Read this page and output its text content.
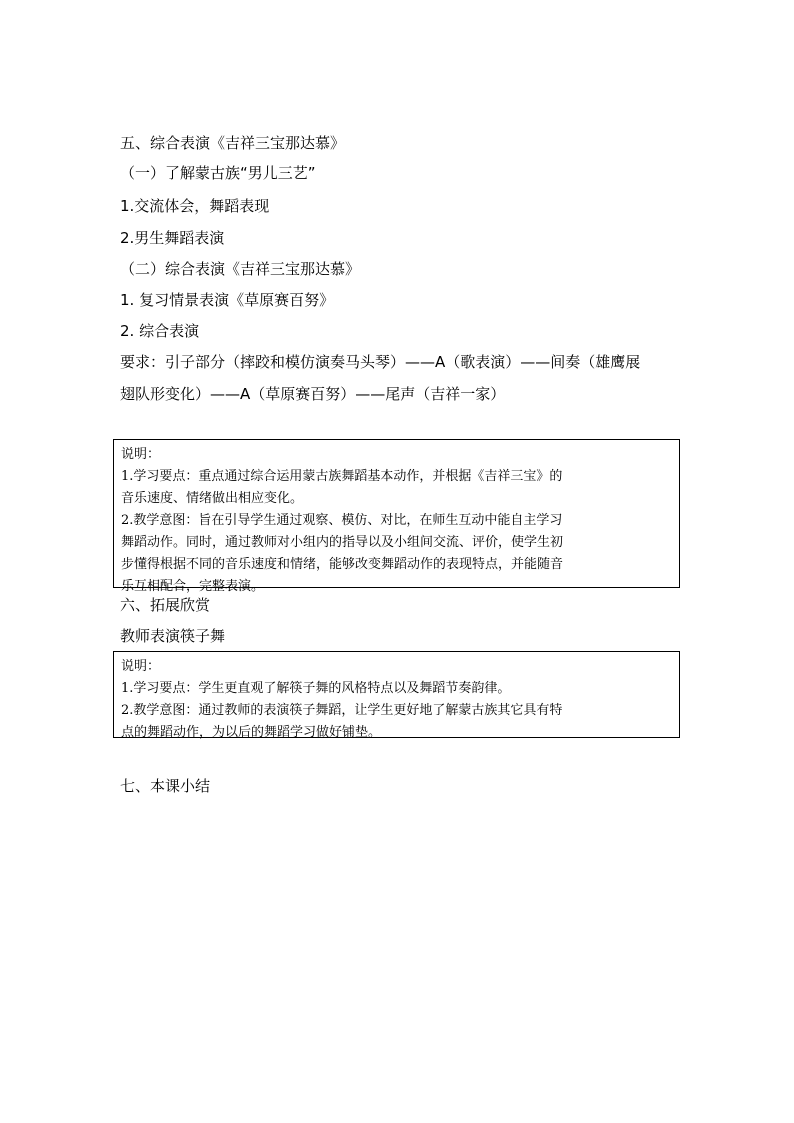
五、综合表演《吉祥三宝那达慕》
（一）了解蒙古族“男儿三艺”
1.交流体会，舞蹈表现
2.男生舞蹈表演
（二）综合表演《吉祥三宝那达慕》
1. 复习情景表演《草原赛百努》
2. 综合表演
要求：引子部分（摔跤和模仿演奏马头琴）——A（歌表演）——间奏（雄鹰展
翅队形变化）——A（草原赛百努）——尾声（吉祥一家）
说明：
1.学习要点：重点通过综合运用蒙古族舞蹈基本动作，并根据《吉祥三宝》的
音乐速度、情绪做出相应变化。
2.教学意图：旨在引导学生通过观察、模仿、对比，在师生互动中能自主学习
舞蹈动作。同时，通过教师对小组内的指导以及小组间交流、评价，使学生初
步懂得根据不同的音乐速度和情绪，能够改变舞蹈动作的表现特点，并能随音
乐互相配合，完整表演。
六、拓展欣赏
教师表演筷子舞
说明：
1.学习要点：学生更直观了解筷子舞的风格特点以及舞蹈节奏韵律。
2.教学意图：通过教师的表演筷子舞蹈，让学生更好地了解蒙古族其它具有特
点的舞蹈动作，为以后的舞蹈学习做好铺垫。
七、本课小结
